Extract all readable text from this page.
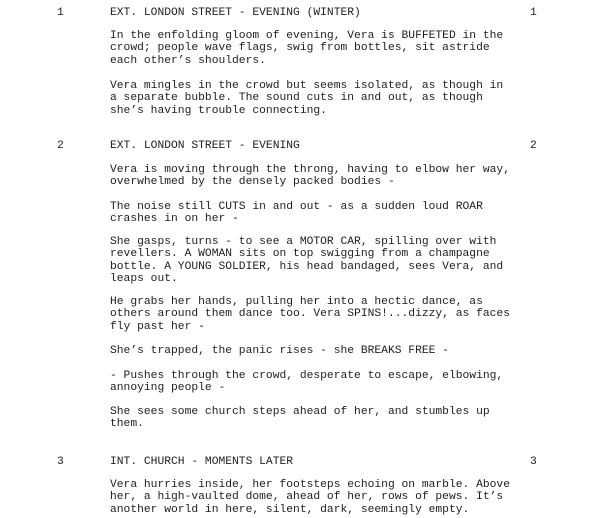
1	EXT. LONDON STREET - EVENING (WINTER)	1
In the enfolding gloom of evening, Vera is BUFFETED in the
crowd; people wave flags, swig from bottles, sit astride
each other’s shoulders.
Vera mingles in the crowd but seems isolated, as though in
a separate bubble. The sound cuts in and out, as though
she’s having trouble connecting.
2	EXT. LONDON STREET - EVENING	2
Vera is moving through the throng, having to elbow her way,
overwhelmed by the densely packed bodies -
The noise still CUTS in and out - as a sudden loud ROAR
crashes in on her -
She gasps, turns - to see a MOTOR CAR, spilling over with
revellers. A WOMAN sits on top swigging from a champagne
bottle. A YOUNG SOLDIER, his head bandaged, sees Vera, and
leaps out.
He grabs her hands, pulling her into a hectic dance, as
others around them dance too. Vera SPINS!...dizzy, as faces
fly past her -
She’s trapped, the panic rises - she BREAKS FREE -
- Pushes through the crowd, desperate to escape, elbowing,
annoying people -
She sees some church steps ahead of her, and stumbles up
them.
3	INT. CHURCH - MOMENTS LATER	3
Vera hurries inside, her footsteps echoing on marble. Above
her, a high-vaulted dome, ahead of her, rows of pews. It’s
another world in here, silent, dark, seemingly empty.
